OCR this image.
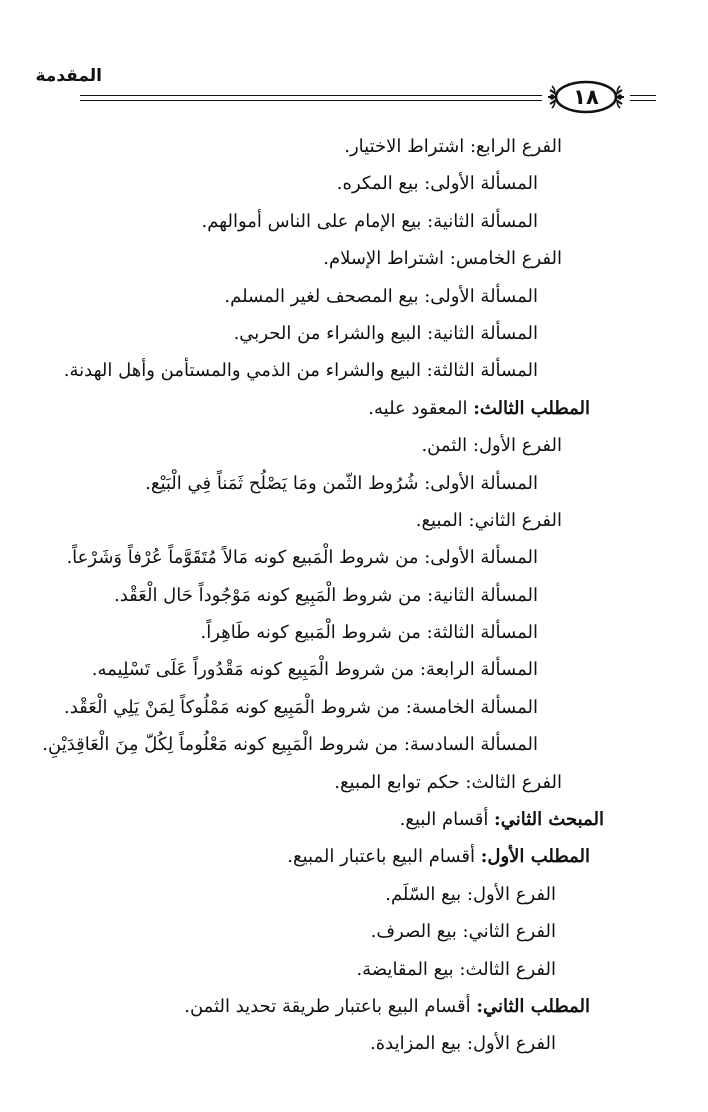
المقدمة
١٨
الفرع الرابع: اشتراط الاختيار.
المسألة الأولى: بيع المكره.
المسألة الثانية: بيع الإمام على الناس أموالهم.
الفرع الخامس: اشتراط الإسلام.
المسألة الأولى: بيع المصحف لغير المسلم.
المسألة الثانية: البيع والشراء من الحربي.
المسألة الثالثة: البيع والشراء من الذمي والمستأمن وأهل الهدنة.
المطلب الثالث: المعقود عليه.
الفرع الأول: الثمن.
المسألة الأولى: شُرُوط الثّمن ومَا يَصْلُح ثَمَناً فِي الْبَيْع.
الفرع الثاني: المبيع.
المسألة الأولى: من شروط الْمَبيع كونه مَالاً مُتَقَوَّماً عُرْفاً وَشَرْعاً.
المسألة الثانية: من شروط الْمَبِيع كونه مَوْجُوداً حَال الْعَقْد.
المسألة الثالثة: من شروط الْمَبيع كونه طَاهِراً.
المسألة الرابعة: من شروط الْمَبِيع كونه مَقْدُوراً عَلَى تَسْلِيمه.
المسألة الخامسة: من شروط الْمَبِيع كونه مَمْلُوكاً لِمَنْ يَلِي الْعَقْد.
المسألة السادسة: من شروط الْمَبِيع كونه مَعْلُوماً لِكُلّ مِنَ الْعَاقِدَيْنِ.
الفرع الثالث: حكم توابع المبيع.
المبحث الثاني: أقسام البيع.
المطلب الأول: أقسام البيع باعتبار المبيع.
الفرع الأول: بيع السّلَم.
الفرع الثاني: بيع الصرف.
الفرع الثالث: بيع المقايضة.
المطلب الثاني: أقسام البيع باعتبار طريقة تحديد الثمن.
الفرع الأول: بيع المزايدة.
